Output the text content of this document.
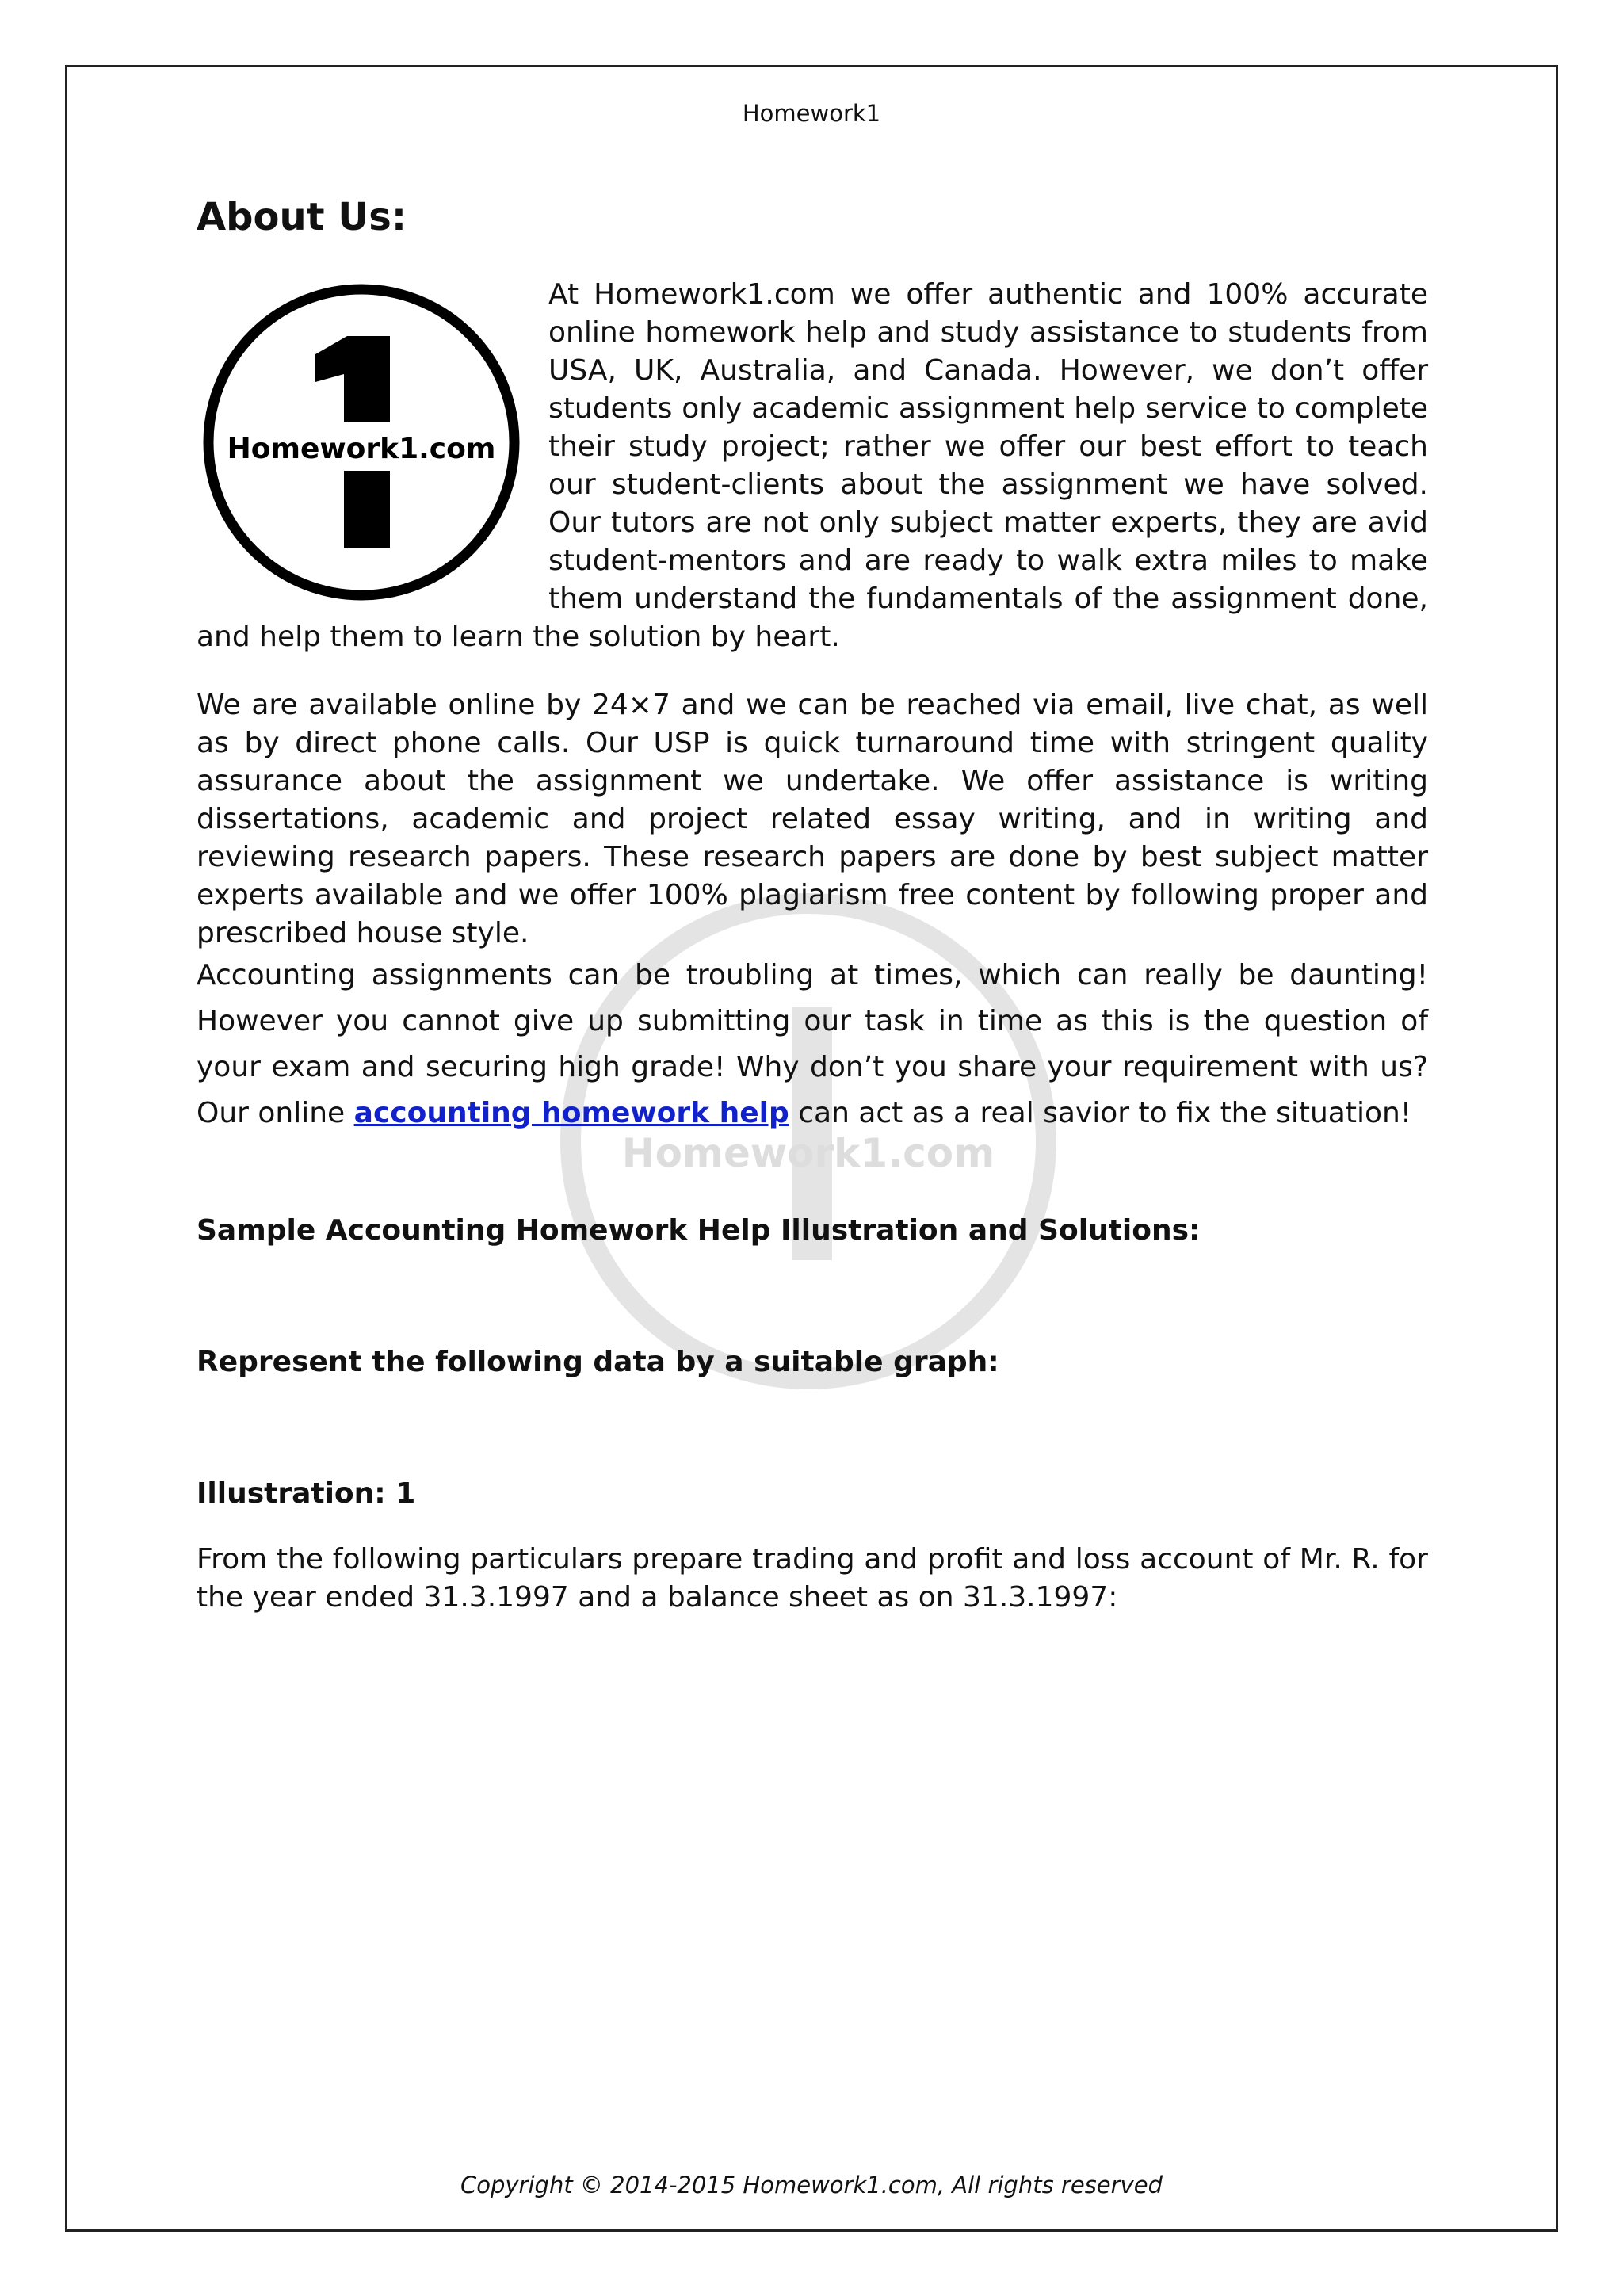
Homework1.com
Homework1
About Us:
Homework1.com

At Homework1.com we offer authentic and 100% accurate online homework help and study assistance to students from USA, UK, Australia, and Canada. However, we don’t offer students only academic assignment help service to complete their study project; rather we offer our best effort to teach our student-clients about the assignment we have solved. Our tutors are not only subject matter experts, they are avid student-mentors and are ready to walk extra miles to make them understand the fundamentals of the assignment done, and help them to learn the solution by heart.

We are available online by 24×7 and we can be reached via email, live chat, as well as by direct phone calls. Our USP is quick turnaround time with stringent quality assurance about the assignment we undertake. We offer assistance is writing dissertations, academic and project related essay writing, and in writing and reviewing research papers. These research papers are done by best subject matter experts available and we offer 100% plagiarism free content by following proper and prescribed house style.

Accounting assignments can be troubling at times, which can really be daunting! However you cannot give up submitting our task in time as this is the question of your exam and securing high grade! Why don’t you share your requirement with us? Our online accounting homework help can act as a real savior to fix the situation!

Sample Accounting Homework Help Illustration and Solutions:

Represent the following data by a suitable graph:

Illustration: 1

From the following particulars prepare trading and profit and loss account of Mr. R. for the year ended 31.3.1997 and a balance sheet as on 31.3.1997:

Copyright © 2014-2015 Homework1.com, All rights reserved
